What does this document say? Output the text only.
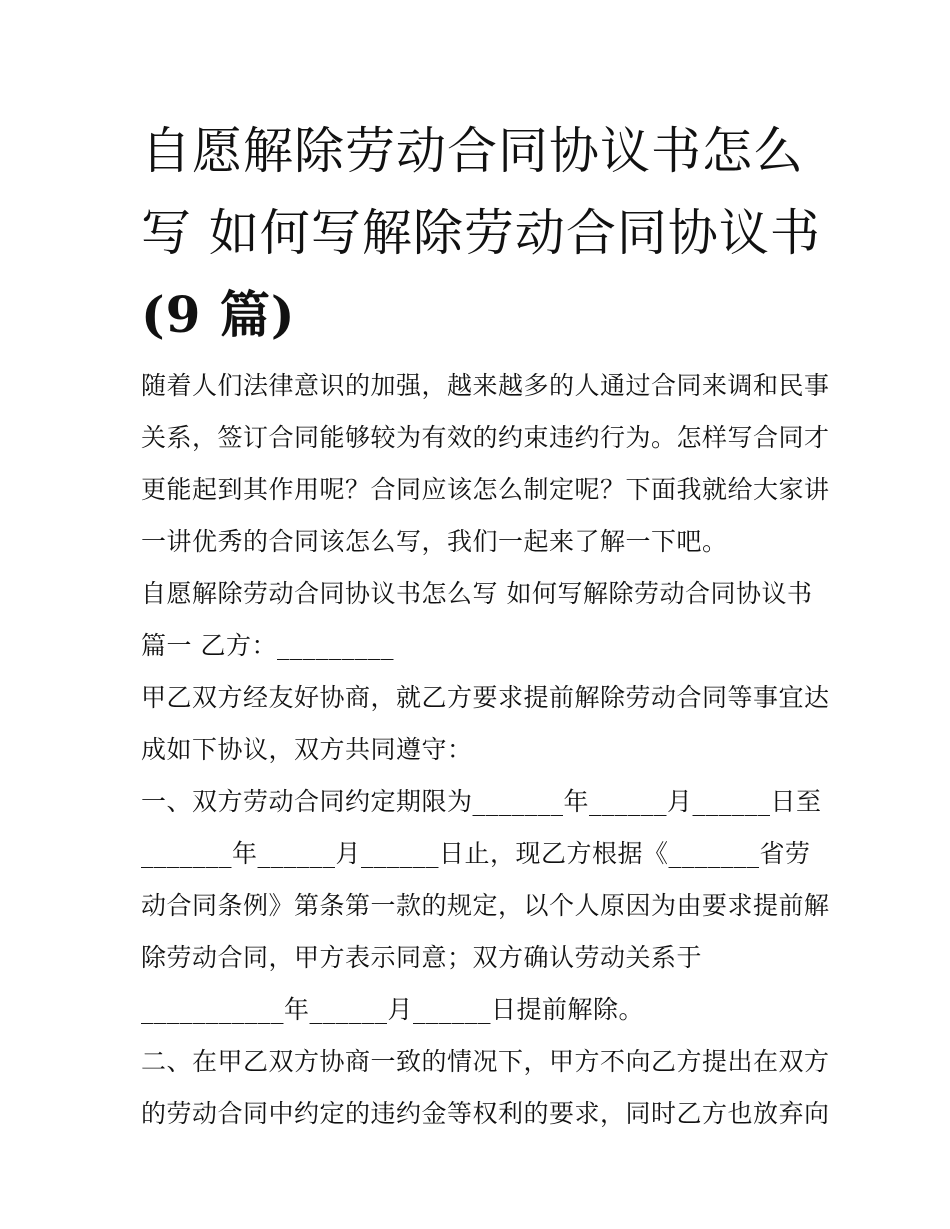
自愿解除劳动合同协议书怎么
写 如何写解除劳动合同协议书
(9 篇)

随着人们法律意识的加强，越来越多的人通过合同来调和民事
关系，签订合同能够较为有效的约束违约行为。怎样写合同才
更能起到其作用呢？合同应该怎么制定呢？下面我就给大家讲
一讲优秀的合同该怎么写，我们一起来了解一下吧。

自愿解除劳动合同协议书怎么写 如何写解除劳动合同协议书

篇一 乙方：_________

甲乙双方经友好协商，就乙方要求提前解除劳动合同等事宜达
成如下协议，双方共同遵守：

一、双方劳动合同约定期限为_______年______月______日至
_______年______月______日止，现乙方根据《_______省劳
动合同条例》第条第一款的规定，以个人原因为由要求提前解
除劳动合同，甲方表示同意；双方确认劳动关系于
___________年______月______日提前解除。

二、在甲乙双方协商一致的情况下，甲方不向乙方提出在双方
的劳动合同中约定的违约金等权利的要求，同时乙方也放弃向
